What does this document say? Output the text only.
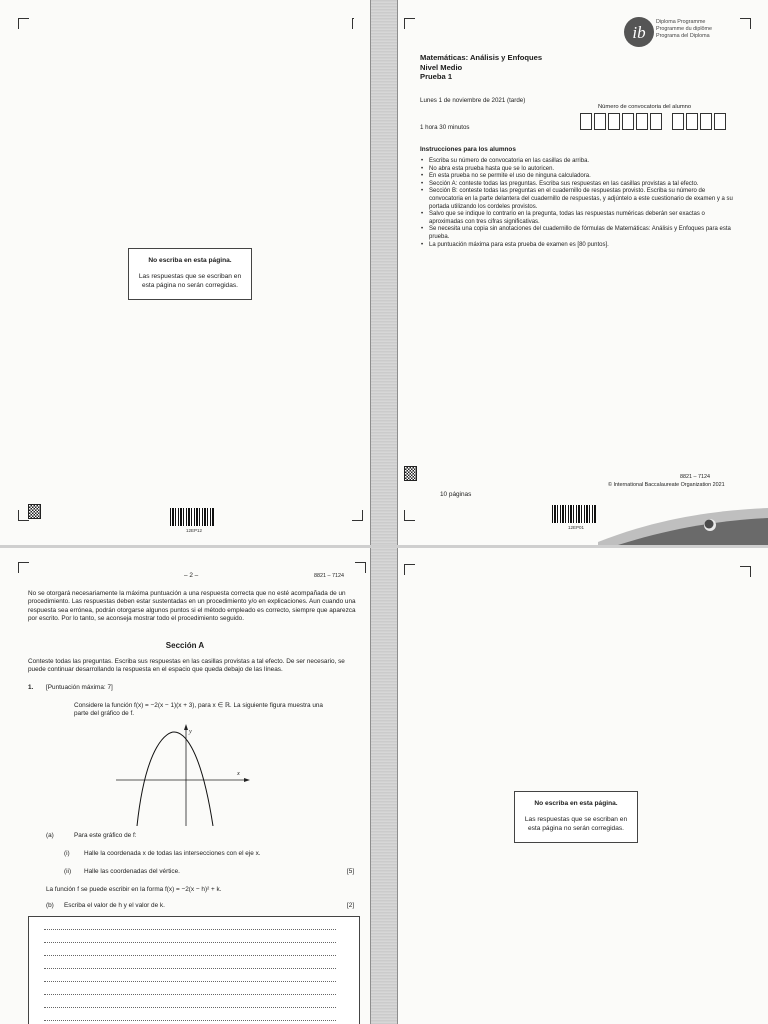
No escriba en esta página.
Las respuestas que se escriban en esta página no serán corregidas.
12EP12
ib
Diploma Programme
Programme du diplôme
Programa del Diploma
Matemáticas: Análisis y Enfoques
Nivel Medio
Prueba 1
Lunes 1 de noviembre de 2021 (tarde)
1 hora 30 minutos
Número de convocatoria del alumno
Instrucciones para los alumnos
• Escriba su número de convocatoria en las casillas de arriba.
• No abra esta prueba hasta que se lo autoricen.
• En esta prueba no se permite el uso de ninguna calculadora.
• Sección A: conteste todas las preguntas. Escriba sus respuestas en las casillas provistas a tal efecto.
• Sección B: conteste todas las preguntas en el cuadernillo de respuestas provisto. Escriba su número de convocatoria en la parte delantera del cuadernillo de respuestas, y adjúntelo a este cuestionario de examen y a su portada utilizando los cordeles provistos.
• Salvo que se indique lo contrario en la pregunta, todas las respuestas numéricas deberán ser exactas o aproximadas con tres cifras significativas.
• Se necesita una copia sin anotaciones del cuadernillo de fórmulas de Matemáticas: Análisis y Enfoques para esta prueba.
• La puntuación máxima para esta prueba de examen es [80 puntos].
8821 – 7124
© International Baccalaureate Organization 2021
10 páginas
12EP01
– 2 –	8821 – 7124
No se otorgará necesariamente la máxima puntuación a una respuesta correcta que no esté acompañada de un procedimiento. Las respuestas deben estar sustentadas en un procedimiento y/o en explicaciones. Aun cuando una respuesta sea errónea, podrán otorgarse algunos puntos si el método empleado es correcto, siempre que aparezca por escrito. Por lo tanto, se aconseja mostrar todo el procedimiento seguido.
Sección A
Conteste todas las preguntas. Escriba sus respuestas en las casillas provistas a tal efecto. De ser necesario, se puede continuar desarrollando la respuesta en el espacio que queda debajo de las líneas.
1. [Puntuación máxima: 7]
Considere la función f(x) = −2(x − 1)(x + 3), para x ∈ ℝ. La siguiente figura muestra una parte del gráfico de f.
x
y
(a)	Para este gráfico de f:
(i) Halle la coordenada x de todas las intersecciones con el eje x.
(ii) Halle las coordenadas del vértice.	[5]
La función f se puede escribir en la forma f(x) = −2(x − h)² + k.
(b) Escriba el valor de h y el valor de k.	[2]
No escriba en esta página.
Las respuestas que se escriban en esta página no serán corregidas.
